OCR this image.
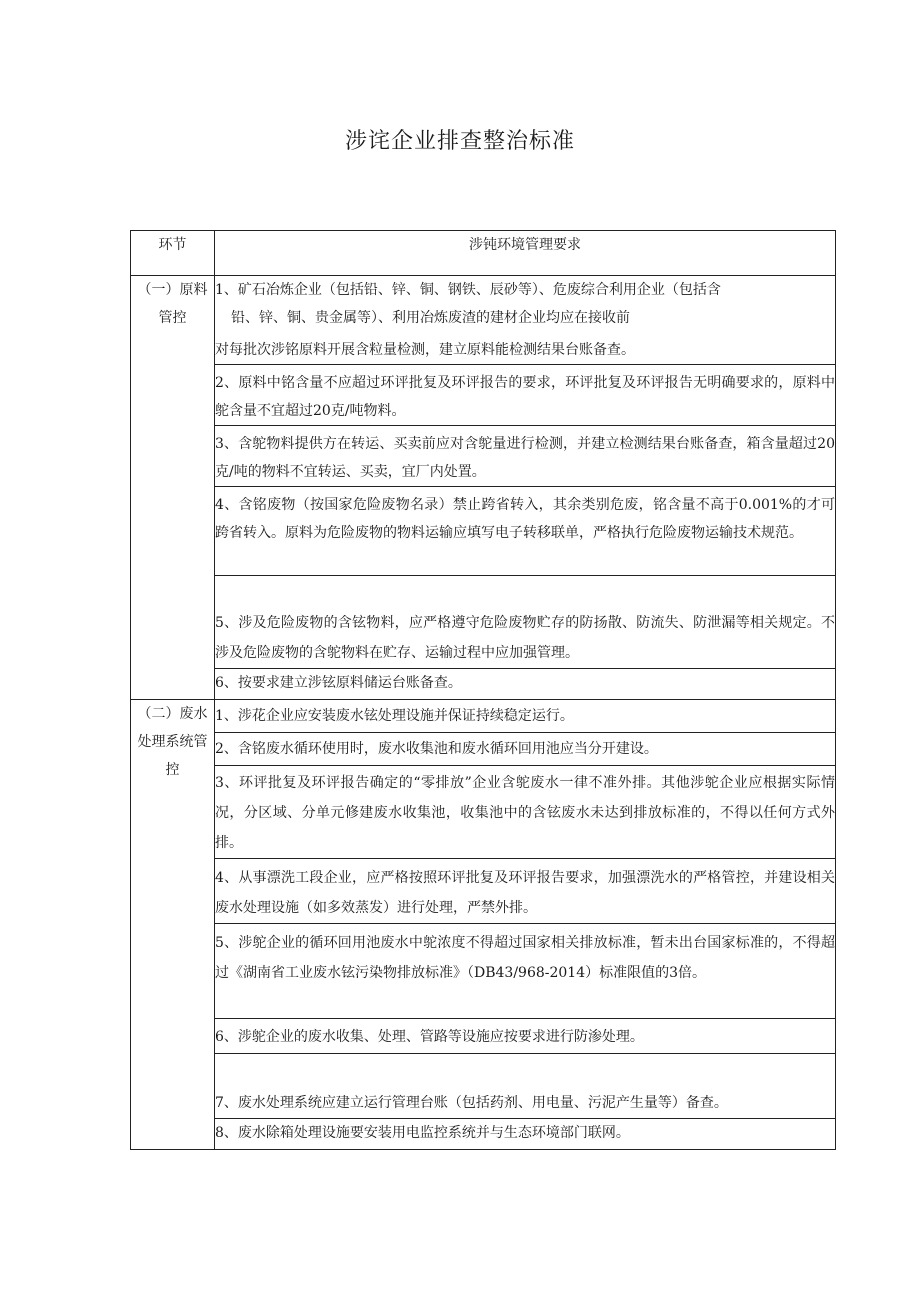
涉诧企业排查整治标准
环节	涉钝环境管理要求
（一）原料管控	1、矿石冶炼企业（包括铅、锌、铜、钢铁、辰砂等）、危废综合利用企业（包括含
铅、锌、铜、贵金属等）、利用冶炼废渣的建材企业均应在接收前
对每批次涉铭原料开展含粒量检测，建立原料能检测结果台账备查。

	2、原料中铭含量不应超过环评批复及环评报告的要求，环评批复及环评报告无明确要求的，原料中鸵含量不宜超过20克/吨物料。
	3、含鸵物料提供方在转运、买卖前应对含鸵量进行检测，并建立检测结果台账备查，箱含量超过20克/吨的物料不宜转运、买卖，宜厂内处置。
	4、含铭废物（按国家危险废物名录）禁止跨省转入，其余类别危废，铭含量不高于0.001%的才可跨省转入。原料为危险废物的物料运输应填写电子转移联单，严格执行危险废物运输技术规范。

	5、涉及危险废物的含铉物料，应严格遵守危险废物贮存的防扬散、防流失、防泄漏等相关规定。不涉及危险废物的含鸵物料在贮存、运输过程中应加强管理。

	6、按要求建立涉铉原料储运台账备查。
（二）废水处理系统管控	1、涉花企业应安装废水铉处理设施并保证持续稳定运行。
	2、含铭废水循环使用时，废水收集池和废水循环回用池应当分开建设。
	3、环评批复及环评报告确定的“零排放”企业含鸵废水一律不准外排。其他涉鸵企业应根据实际情况，分区域、分单元修建废水收集池，收集池中的含铉废水未达到排放标准的，不得以任何方式外排。
	4、从事漂洗工段企业，应严格按照环评批复及环评报告要求，加强漂洗水的严格管控，并建设相关废水处理设施（如多效蒸发）进行处理，严禁外排。
	5、涉鸵企业的循环回用池废水中鸵浓度不得超过国家相关排放标准，暂未出台国家标准的，不得超过《湖南省工业废水铉污染物排放标准》（DB43/968-2014）标准限值的3倍。
	6、涉鸵企业的废水收集、处理、管路等设施应按要求进行防渗处理。

	7、废水处理系统应建立运行管理台账（包括药剂、用电量、污泥产生量等）备查。

	8、废水除箱处理设施要安装用电监控系统并与生态环境部门联网。
